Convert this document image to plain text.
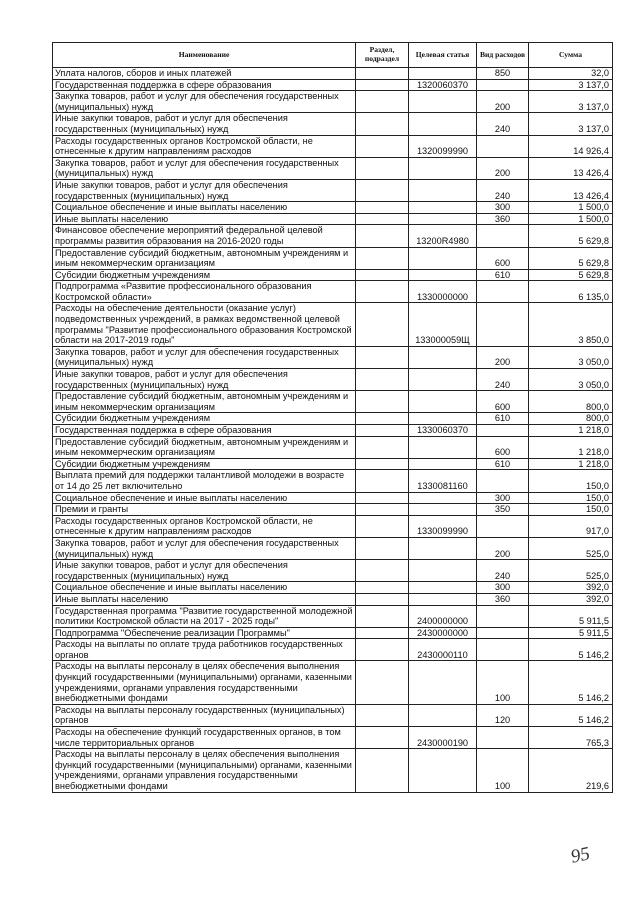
Наименование	Раздел, подраздел	Целевая статья	Вид расходов	Сумма
Уплата налогов, сборов и иных платежей			850	32,0
Государственная поддержка в сфере образования		1320060370		3 137,0
Закупка товаров, работ и услуг для обеспечения государственных (муниципальных) нужд			200	3 137,0
Иные закупки товаров, работ и услуг для обеспечения государственных (муниципальных) нужд			240	3 137,0
Расходы государственных органов Костромской области, не отнесенные к другим направлениям расходов		1320099990		14 926,4
Закупка товаров, работ и услуг для обеспечения государственных (муниципальных) нужд			200	13 426,4
Иные закупки товаров, работ и услуг для обеспечения государственных (муниципальных) нужд			240	13 426,4
Социальное обеспечение и иные выплаты населению			300	1 500,0
Иные выплаты населению			360	1 500,0
Финансовое обеспечение мероприятий федеральной целевой программы развития образования на 2016-2020 годы		13200R4980		5 629,8
Предоставление субсидий бюджетным, автономным учреждениям и иным некоммерческим организациям			600	5 629,8
Субсидии бюджетным учреждениям			610	5 629,8
Подпрограмма «Развитие профессионального образования Костромской области»		1330000000		6 135,0
Расходы на обеспечение деятельности (оказание услуг) подведомственных учреждений, в рамках ведомственной целевой программы "Развитие профессионального образования Костромской области на 2017-2019 годы"		133000059Щ		3 850,0
Закупка товаров, работ и услуг для обеспечения государственных (муниципальных) нужд			200	3 050,0
Иные закупки товаров, работ и услуг для обеспечения государственных (муниципальных) нужд			240	3 050,0
Предоставление субсидий бюджетным, автономным учреждениям и иным некоммерческим организациям			600	800,0
Субсидии бюджетным учреждениям			610	800,0
Государственная поддержка в сфере образования		1330060370		1 218,0
Предоставление субсидий бюджетным, автономным учреждениям и иным некоммерческим организациям			600	1 218,0
Субсидии бюджетным учреждениям			610	1 218,0
Выплата премий для поддержки талантливой молодежи в возрасте от 14 до 25 лет включительно		1330081160		150,0
Социальное обеспечение и иные выплаты населению			300	150,0
Премии и гранты			350	150,0
Расходы государственных органов Костромской области, не отнесенные к другим направлениям расходов		1330099990		917,0
Закупка товаров, работ и услуг для обеспечения государственных (муниципальных) нужд			200	525,0
Иные закупки товаров, работ и услуг для обеспечения государственных (муниципальных) нужд			240	525,0
Социальное обеспечение и иные выплаты населению			300	392,0
Иные выплаты населению			360	392,0
Государственная программа "Развитие государственной молодежной политики Костромской области на 2017 - 2025 годы"		2400000000		5 911,5
Подпрограмма "Обеспечение реализации Программы"		2430000000		5 911,5
Расходы на выплаты по оплате труда работников государственных органов		2430000110		5 146,2
Расходы на выплаты персоналу в целях обеспечения выполнения функций государственными (муниципальными) органами, казенными учреждениями, органами управления государственными внебюджетными фондами			100	5 146,2
Расходы на выплаты персоналу государственных (муниципальных) органов			120	5 146,2
Расходы на обеспечение функций государственных органов, в том числе территориальных органов		2430000190		765,3
Расходы на выплаты персоналу в целях обеспечения выполнения функций государственными (муниципальными) органами, казенными учреждениями, органами управления государственными внебюджетными фондами			100	219,6
95
